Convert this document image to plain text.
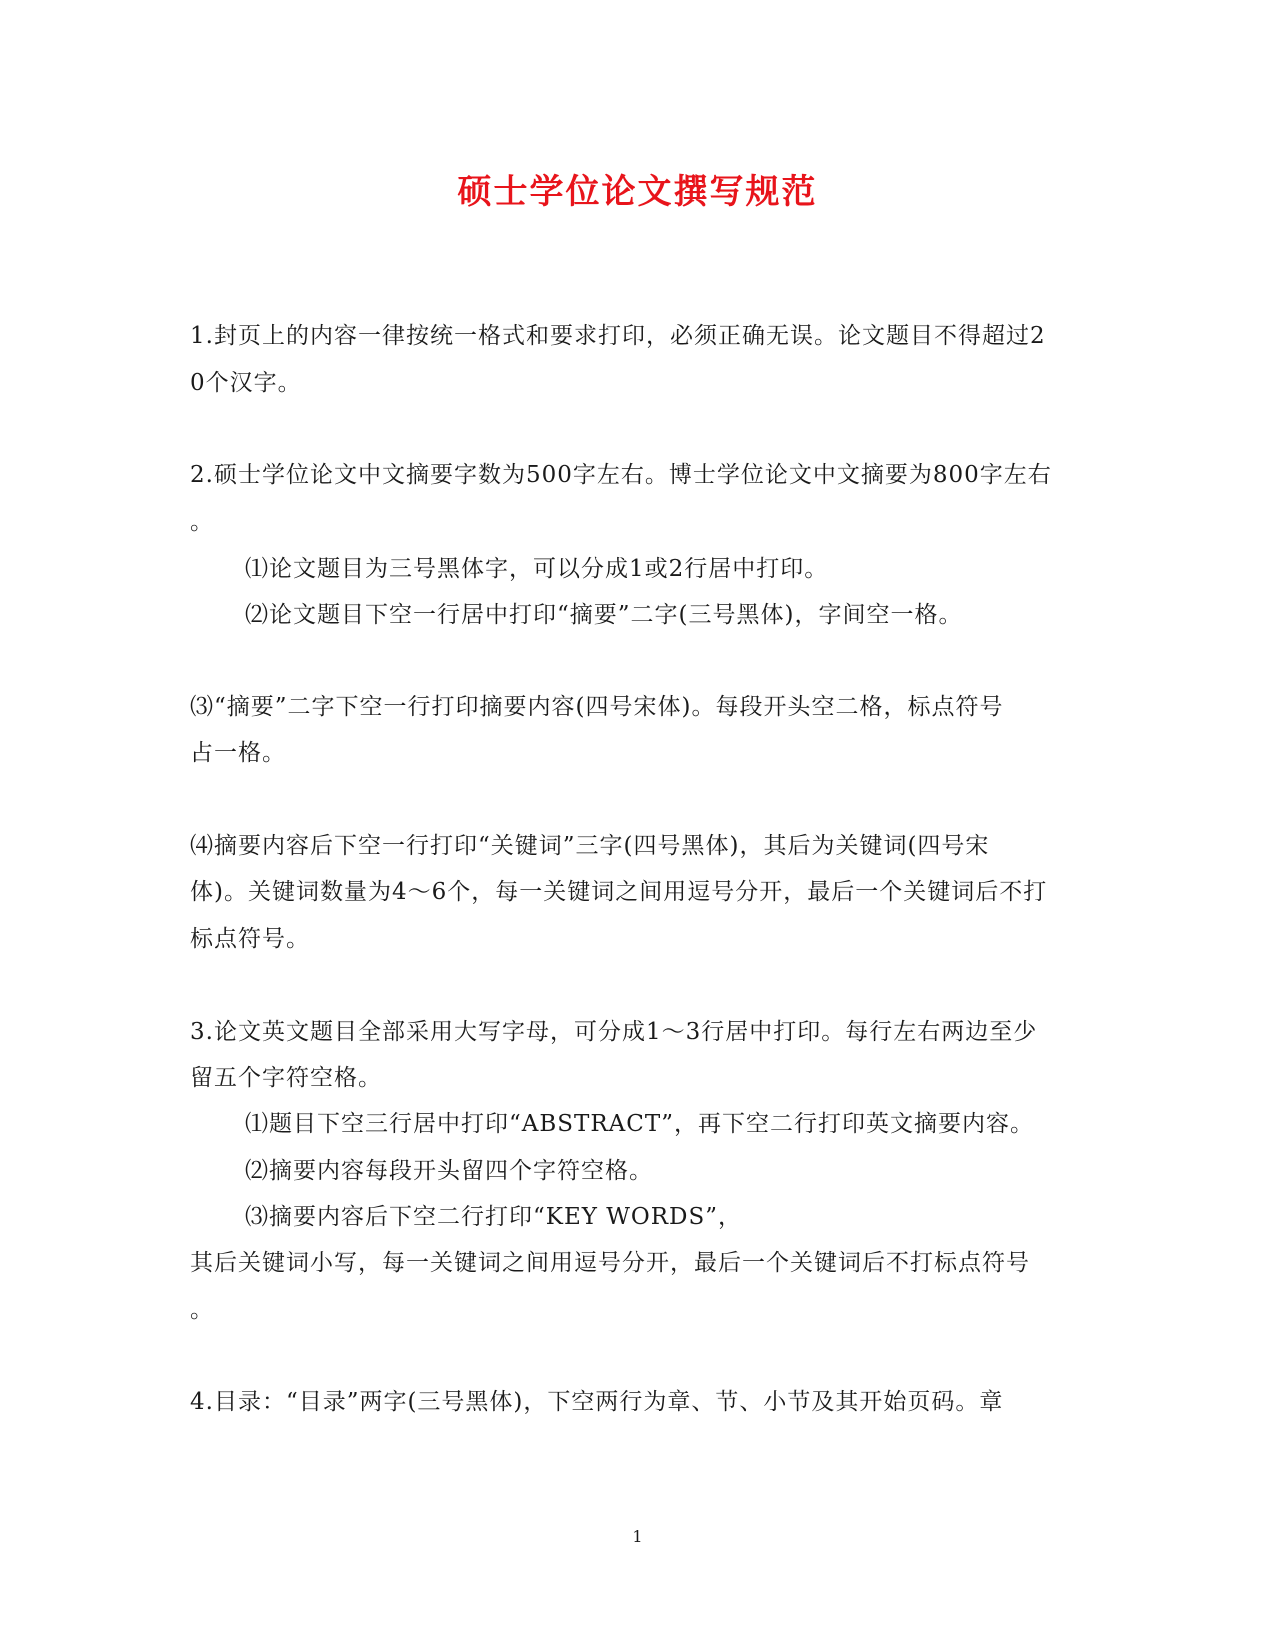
硕士学位论文撰写规范
1.封页上的内容一律按统一格式和要求打印，必须正确无误。论文题目不得超过2
0个汉字。
2.硕士学位论文中文摘要字数为500字左右。博士学位论文中文摘要为800字左右
。
⑴论文题目为三号黑体字，可以分成1或2行居中打印。
⑵论文题目下空一行居中打印“摘要”二字(三号黑体)，字间空一格。
⑶“摘要”二字下空一行打印摘要内容(四号宋体)。每段开头空二格，标点符号
占一格。
⑷摘要内容后下空一行打印“关键词”三字(四号黑体)，其后为关键词(四号宋
体)。关键词数量为4～6个，每一关键词之间用逗号分开，最后一个关键词后不打
标点符号。
3.论文英文题目全部采用大写字母，可分成1～3行居中打印。每行左右两边至少
留五个字符空格。
⑴题目下空三行居中打印“ABSTRACT”，再下空二行打印英文摘要内容。
⑵摘要内容每段开头留四个字符空格。
⑶摘要内容后下空二行打印“KEY WORDS”，
其后关键词小写，每一关键词之间用逗号分开，最后一个关键词后不打标点符号
。
4.目录：“目录”两字(三号黑体)，下空两行为章、节、小节及其开始页码。章
1
